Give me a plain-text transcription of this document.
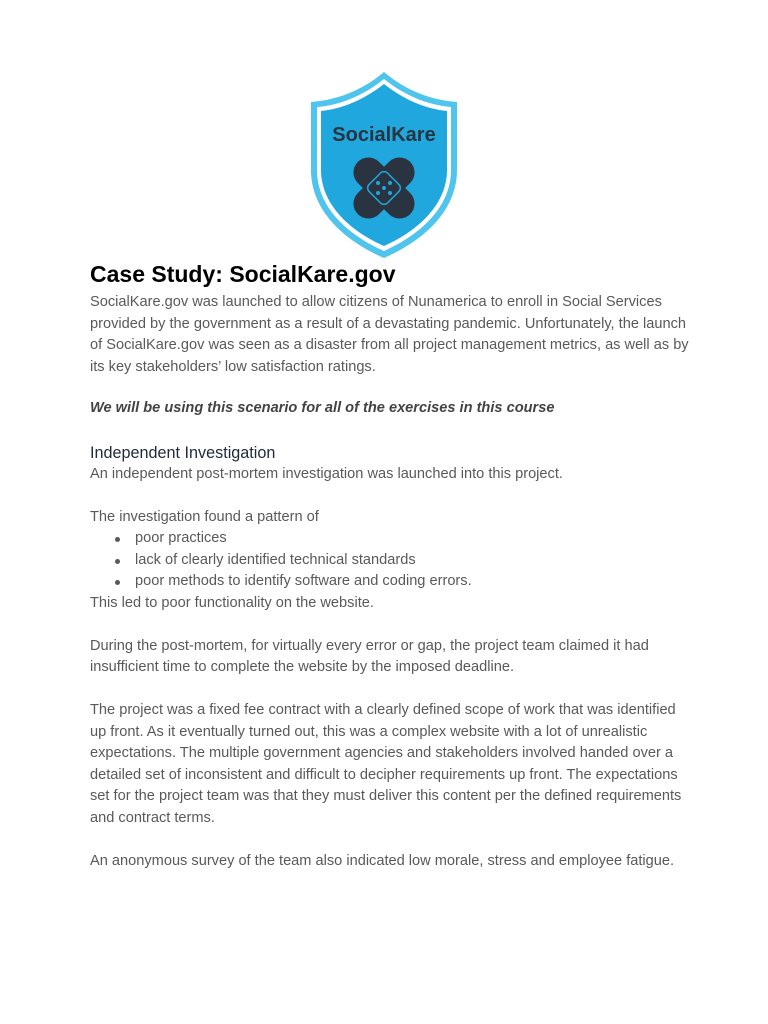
SocialKare
Case Study: SocialKare.gov

SocialKare.gov was launched to allow citizens of Nunamerica to enroll in Social Services provided by the government as a result of a devastating pandemic. Unfortunately, the launch of SocialKare.gov was seen as a disaster from all project management metrics, as well as by its key stakeholders’ low satisfaction ratings.

We will be using this scenario for all of the exercises in this course

Independent Investigation

An independent post-mortem investigation was launched into this project.

The investigation found a pattern of

poor practices
lack of clearly identified technical standards
poor methods to identify software and coding errors.

This led to poor functionality on the website.

During the post-mortem, for virtually every error or gap, the project team claimed it had insufficient time to complete the website by the imposed deadline.

The project was a fixed fee contract with a clearly defined scope of work that was identified up front. As it eventually turned out, this was a complex website with a lot of unrealistic expectations. The multiple government agencies and stakeholders involved handed over a detailed set of inconsistent and difficult to decipher requirements up front. The expectations set for the project team was that they must deliver this content per the defined requirements and contract terms.

An anonymous survey of the team also indicated low morale, stress and employee fatigue.
